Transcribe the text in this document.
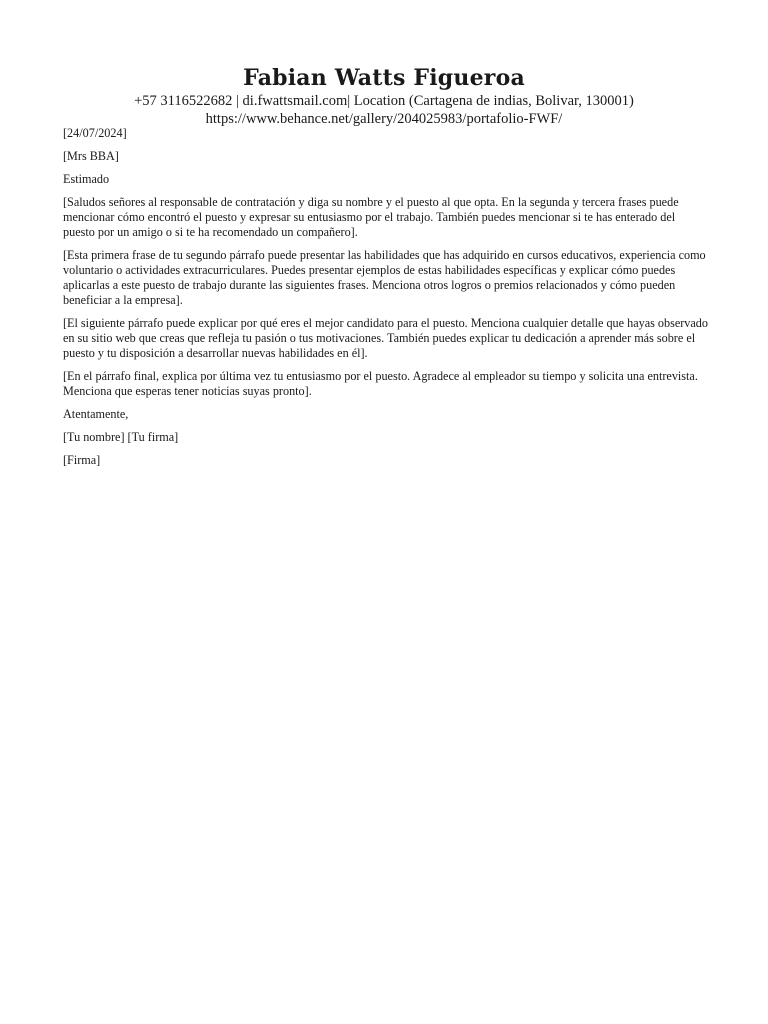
Fabian Watts Figueroa
+57 3116522682 | di.fwattsmail.com| Location (Cartagena de indias, Bolivar, 130001)
https://www.behance.net/gallery/204025983/portafolio-FWF/

[24/07/2024]

[Mrs BBA]

Estimado

[Saludos señores al responsable de contratación y diga su nombre y el puesto al que opta. En la segunda y tercera frases puede mencionar cómo encontró el puesto y expresar su entusiasmo por el trabajo. También puedes mencionar si te has enterado del puesto por un amigo o si te ha recomendado un compañero].

[Esta primera frase de tu segundo párrafo puede presentar las habilidades que has adquirido en cursos educativos, experiencia como voluntario o actividades extracurriculares. Puedes presentar ejemplos de estas habilidades específicas y explicar cómo puedes aplicarlas a este puesto de trabajo durante las siguientes frases. Menciona otros logros o premios relacionados y cómo pueden beneficiar a la empresa].

[El siguiente párrafo puede explicar por qué eres el mejor candidato para el puesto. Menciona cualquier detalle que hayas observado en su sitio web que creas que refleja tu pasión o tus motivaciones. También puedes explicar tu dedicación a aprender más sobre el puesto y tu disposición a desarrollar nuevas habilidades en él].

[En el párrafo final, explica por última vez tu entusiasmo por el puesto. Agradece al empleador su tiempo y solicita una entrevista. Menciona que esperas tener noticias suyas pronto].

Atentamente,

[Tu nombre] [Tu firma]

[Firma]
